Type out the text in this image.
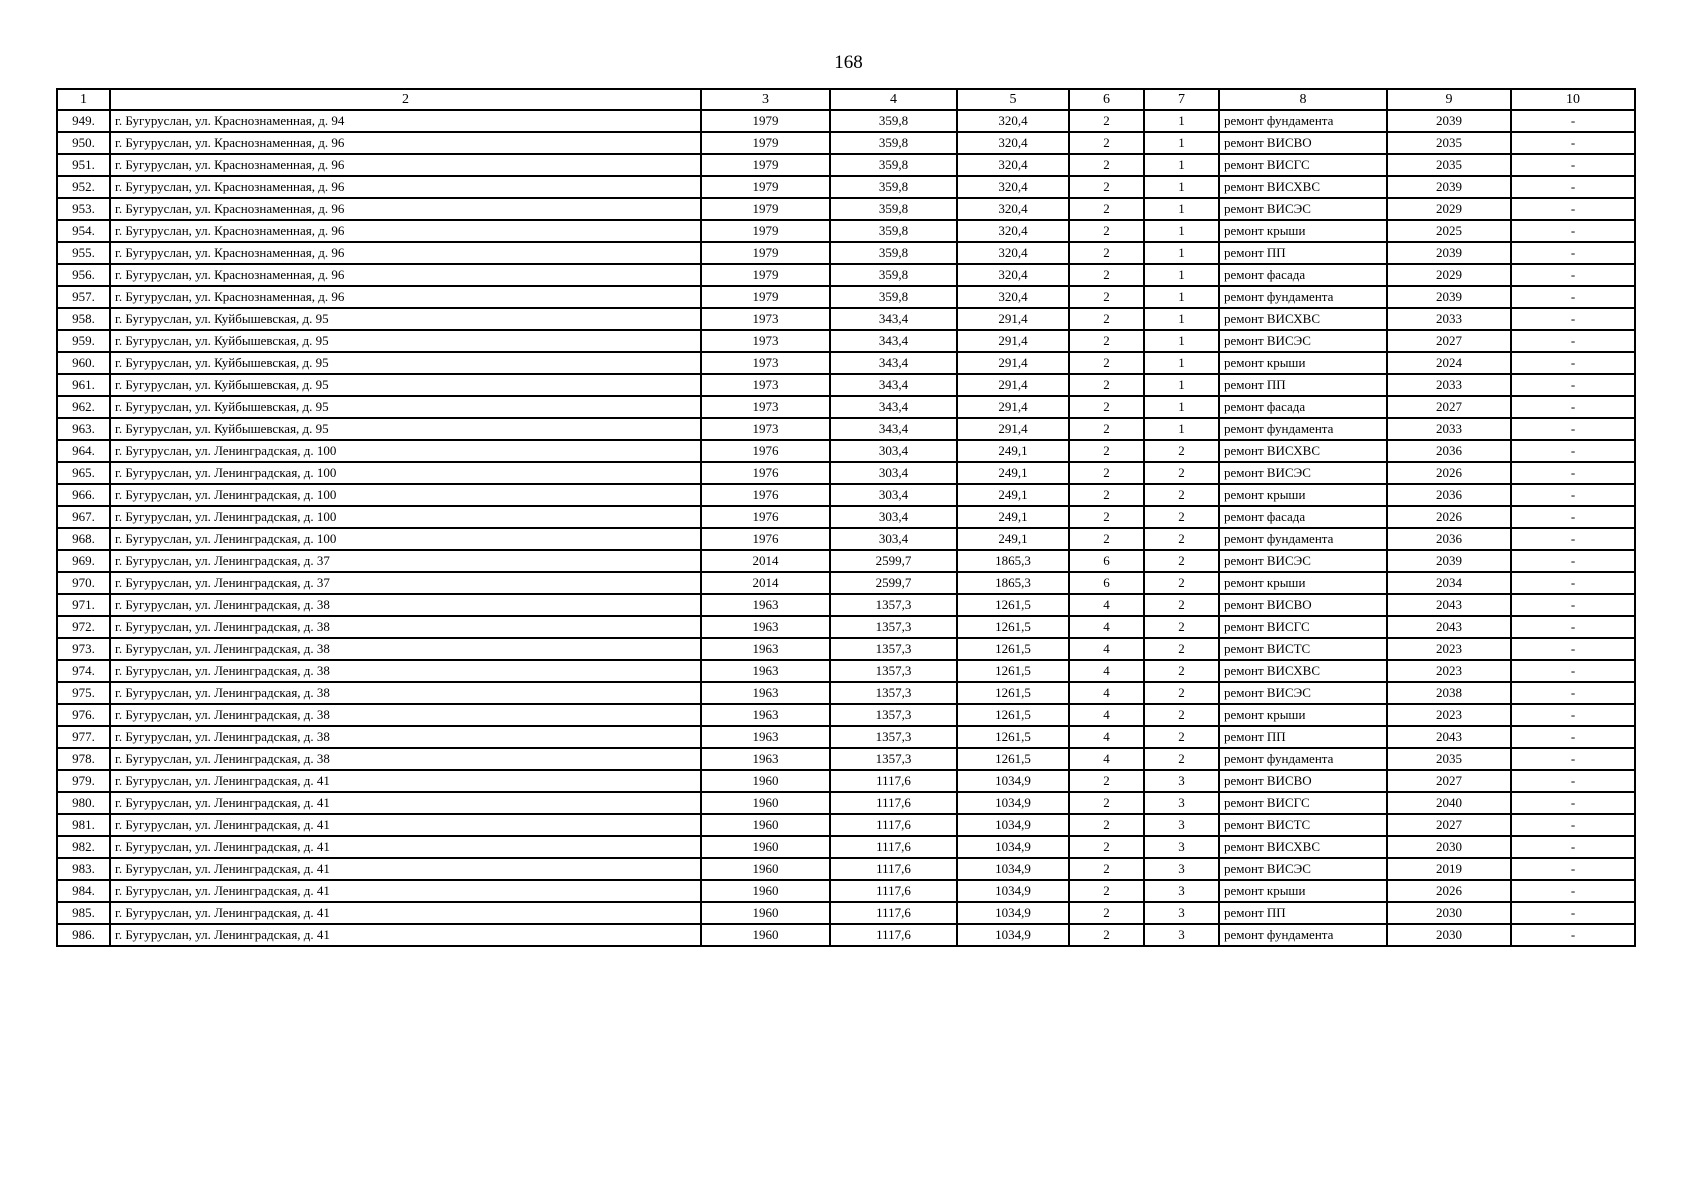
168
1	2	3	4	5	6	7	8	9	10
949.	г. Бугуруслан, ул. Краснознаменная, д. 94	1979	359,8	320,4	2	1	ремонт фундамента	2039	-
950.	г. Бугуруслан, ул. Краснознаменная, д. 96	1979	359,8	320,4	2	1	ремонт ВИСВО	2035	-
951.	г. Бугуруслан, ул. Краснознаменная, д. 96	1979	359,8	320,4	2	1	ремонт ВИСГС	2035	-
952.	г. Бугуруслан, ул. Краснознаменная, д. 96	1979	359,8	320,4	2	1	ремонт ВИСХВС	2039	-
953.	г. Бугуруслан, ул. Краснознаменная, д. 96	1979	359,8	320,4	2	1	ремонт ВИСЭС	2029	-
954.	г. Бугуруслан, ул. Краснознаменная, д. 96	1979	359,8	320,4	2	1	ремонт крыши	2025	-
955.	г. Бугуруслан, ул. Краснознаменная, д. 96	1979	359,8	320,4	2	1	ремонт ПП	2039	-
956.	г. Бугуруслан, ул. Краснознаменная, д. 96	1979	359,8	320,4	2	1	ремонт фасада	2029	-
957.	г. Бугуруслан, ул. Краснознаменная, д. 96	1979	359,8	320,4	2	1	ремонт фундамента	2039	-
958.	г. Бугуруслан, ул. Куйбышевская, д. 95	1973	343,4	291,4	2	1	ремонт ВИСХВС	2033	-
959.	г. Бугуруслан, ул. Куйбышевская, д. 95	1973	343,4	291,4	2	1	ремонт ВИСЭС	2027	-
960.	г. Бугуруслан, ул. Куйбышевская, д. 95	1973	343,4	291,4	2	1	ремонт крыши	2024	-
961.	г. Бугуруслан, ул. Куйбышевская, д. 95	1973	343,4	291,4	2	1	ремонт ПП	2033	-
962.	г. Бугуруслан, ул. Куйбышевская, д. 95	1973	343,4	291,4	2	1	ремонт фасада	2027	-
963.	г. Бугуруслан, ул. Куйбышевская, д. 95	1973	343,4	291,4	2	1	ремонт фундамента	2033	-
964.	г. Бугуруслан, ул. Ленинградская, д. 100	1976	303,4	249,1	2	2	ремонт ВИСХВС	2036	-
965.	г. Бугуруслан, ул. Ленинградская, д. 100	1976	303,4	249,1	2	2	ремонт ВИСЭС	2026	-
966.	г. Бугуруслан, ул. Ленинградская, д. 100	1976	303,4	249,1	2	2	ремонт крыши	2036	-
967.	г. Бугуруслан, ул. Ленинградская, д. 100	1976	303,4	249,1	2	2	ремонт фасада	2026	-
968.	г. Бугуруслан, ул. Ленинградская, д. 100	1976	303,4	249,1	2	2	ремонт фундамента	2036	-
969.	г. Бугуруслан, ул. Ленинградская, д. 37	2014	2599,7	1865,3	6	2	ремонт ВИСЭС	2039	-
970.	г. Бугуруслан, ул. Ленинградская, д. 37	2014	2599,7	1865,3	6	2	ремонт крыши	2034	-
971.	г. Бугуруслан, ул. Ленинградская, д. 38	1963	1357,3	1261,5	4	2	ремонт ВИСВО	2043	-
972.	г. Бугуруслан, ул. Ленинградская, д. 38	1963	1357,3	1261,5	4	2	ремонт ВИСГС	2043	-
973.	г. Бугуруслан, ул. Ленинградская, д. 38	1963	1357,3	1261,5	4	2	ремонт ВИСТС	2023	-
974.	г. Бугуруслан, ул. Ленинградская, д. 38	1963	1357,3	1261,5	4	2	ремонт ВИСХВС	2023	-
975.	г. Бугуруслан, ул. Ленинградская, д. 38	1963	1357,3	1261,5	4	2	ремонт ВИСЭС	2038	-
976.	г. Бугуруслан, ул. Ленинградская, д. 38	1963	1357,3	1261,5	4	2	ремонт крыши	2023	-
977.	г. Бугуруслан, ул. Ленинградская, д. 38	1963	1357,3	1261,5	4	2	ремонт ПП	2043	-
978.	г. Бугуруслан, ул. Ленинградская, д. 38	1963	1357,3	1261,5	4	2	ремонт фундамента	2035	-
979.	г. Бугуруслан, ул. Ленинградская, д. 41	1960	1117,6	1034,9	2	3	ремонт ВИСВО	2027	-
980.	г. Бугуруслан, ул. Ленинградская, д. 41	1960	1117,6	1034,9	2	3	ремонт ВИСГС	2040	-
981.	г. Бугуруслан, ул. Ленинградская, д. 41	1960	1117,6	1034,9	2	3	ремонт ВИСТС	2027	-
982.	г. Бугуруслан, ул. Ленинградская, д. 41	1960	1117,6	1034,9	2	3	ремонт ВИСХВС	2030	-
983.	г. Бугуруслан, ул. Ленинградская, д. 41	1960	1117,6	1034,9	2	3	ремонт ВИСЭС	2019	-
984.	г. Бугуруслан, ул. Ленинградская, д. 41	1960	1117,6	1034,9	2	3	ремонт крыши	2026	-
985.	г. Бугуруслан, ул. Ленинградская, д. 41	1960	1117,6	1034,9	2	3	ремонт ПП	2030	-
986.	г. Бугуруслан, ул. Ленинградская, д. 41	1960	1117,6	1034,9	2	3	ремонт фундамента	2030	-
